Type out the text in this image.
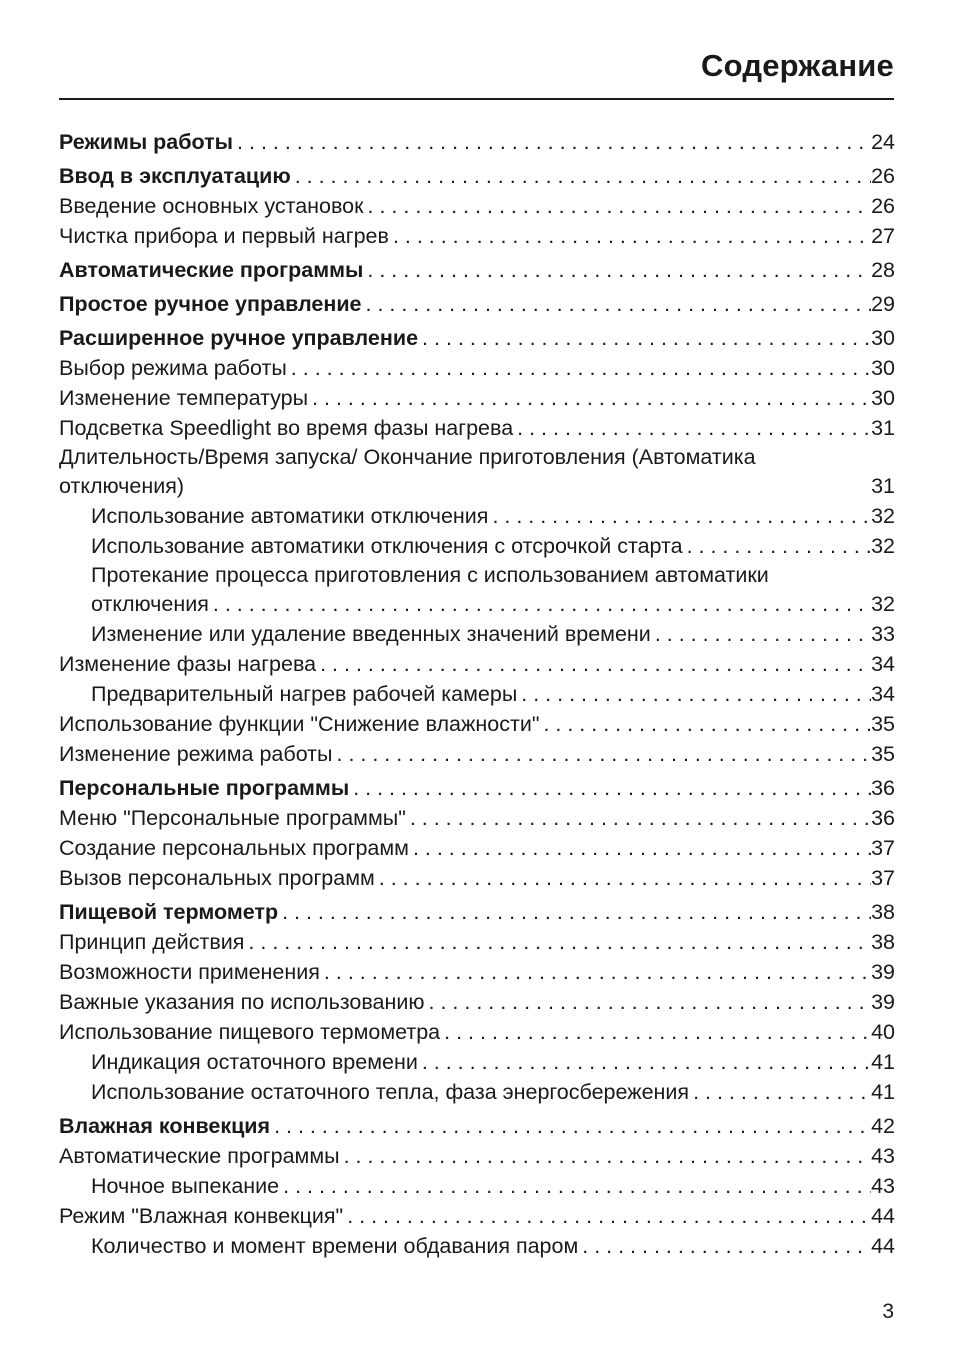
Содержание
Режимы работы . . .	24
Ввод в эксплуатацию . . .	26
Введение основных установок . . .	26
Чистка прибора и первый нагрев . . .	27
Автоматические программы . . .	28
Простое ручное управление . . .	29
Расширенное ручное управление . . .	30
Выбор режима работы . . .	30
Изменение температуры . . .	30
Подсветка Speedlight во время фазы нагрева . . .	31
Длительность/Время запуска/ Окончание приготовления (Автоматика
отключения)	31
Использование автоматики отключения . . .	32
Использование автоматики отключения с отсрочкой старта . . .	32
Протекание процесса приготовления с использованием автоматики
отключения . . .	32
Изменение или удаление введенных значений времени . . .	33
Изменение фазы нагрева . . .	34
Предварительный нагрев рабочей камеры . . .	34
Использование функции "Снижение влажности" . . .	35
Изменение режима работы . . .	35
Персональные программы . . .	36
Меню "Персональные программы" . . .	36
Создание персональных программ . . .	37
Вызов персональных программ . . .	37
Пищевой термометр . . .	38
Принцип действия . . .	38
Возможности применения . . .	39
Важные указания по использованию . . .	39
Использование пищевого термометра . . .	40
Индикация остаточного времени . . .	41
Использование остаточного тепла, фаза энергосбережения . . .	41
Влажная конвекция . . .	42
Автоматические программы . . .	43
Ночное выпекание . . .	43
Режим "Влажная конвекция" . . .	44
Количество и момент времени обдавания паром . . .	44
3
